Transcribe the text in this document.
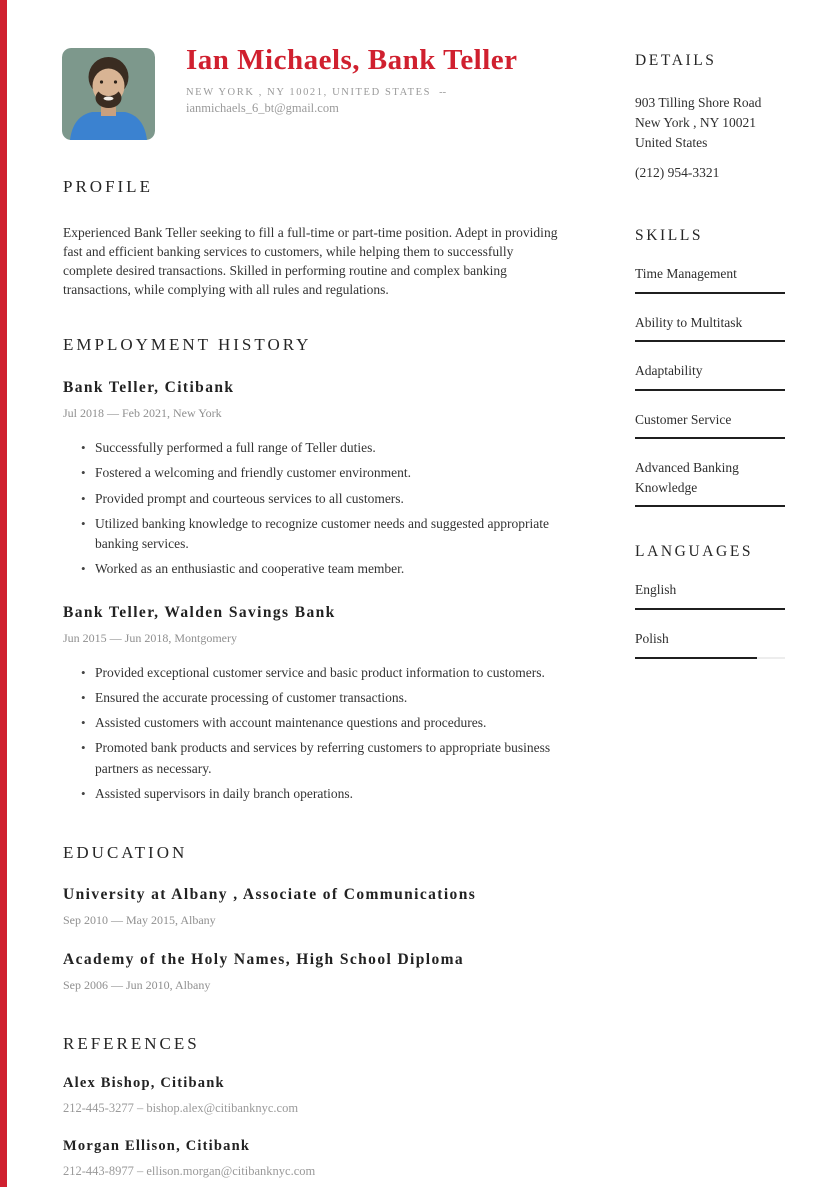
Ian Michaels, Bank Teller
NEW YORK , NY 10021, UNITED STATES --
ianmichaels_6_bt@gmail.com
PROFILE

Experienced Bank Teller seeking to fill a full-time or part-time position. Adept in providing fast and efficient banking services to customers, while helping them to successfully complete desired transactions. Skilled in performing routine and complex banking transactions, while complying with all rules and regulations.

EMPLOYMENT HISTORY
Bank Teller, Citibank
Jul 2018 — Feb 2021, New York
• Successfully performed a full range of Teller duties.
• Fostered a welcoming and friendly customer environment.
• Provided prompt and courteous services to all customers.
• Utilized banking knowledge to recognize customer needs and suggested appropriate banking services.
• Worked as an enthusiastic and cooperative team member.
Bank Teller, Walden Savings Bank
Jun 2015 — Jun 2018, Montgomery
• Provided exceptional customer service and basic product information to customers.
• Ensured the accurate processing of customer transactions.
• Assisted customers with account maintenance questions and procedures.
• Promoted bank products and services by referring customers to appropriate business partners as necessary.
• Assisted supervisors in daily branch operations.
EDUCATION
University at Albany , Associate of Communications
Sep 2010 — May 2015, Albany
Academy of the Holy Names, High School Diploma
Sep 2006 — Jun 2010, Albany
REFERENCES
Alex Bishop, Citibank
212-445-3277 – bishop.alex@citibanknyc.com
Morgan Ellison, Citibank
212-443-8977 – ellison.morgan@citibanknyc.com
DETAILS
903 Tilling Shore Road
New York , NY 10021
United States
(212) 954-3321
SKILLS
Time Management
Ability to Multitask
Adaptability
Customer Service
Advanced Banking Knowledge
LANGUAGES
English
Polish
